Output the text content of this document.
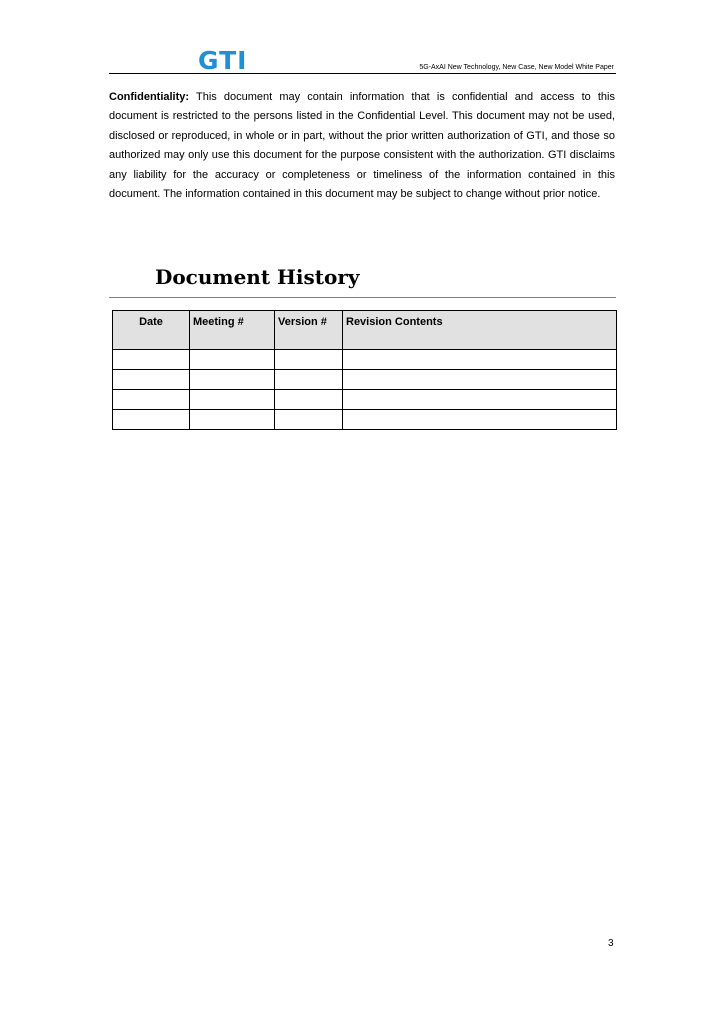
GTI	5G-AxAI New Technology, New Case, New Model White Paper
Confidentiality: This document may contain information that is confidential and access to this document is restricted to the persons listed in the Confidential Level. This document may not be used, disclosed or reproduced, in whole or in part, without the prior written authorization of GTI, and those so authorized may only use this document for the purpose consistent with the authorization. GTI disclaims any liability for the accuracy or completeness or timeliness of the information contained in this document. The information contained in this document may be subject to change without prior notice.
Document History
Date	Meeting #	Version #	Revision Contents

3
